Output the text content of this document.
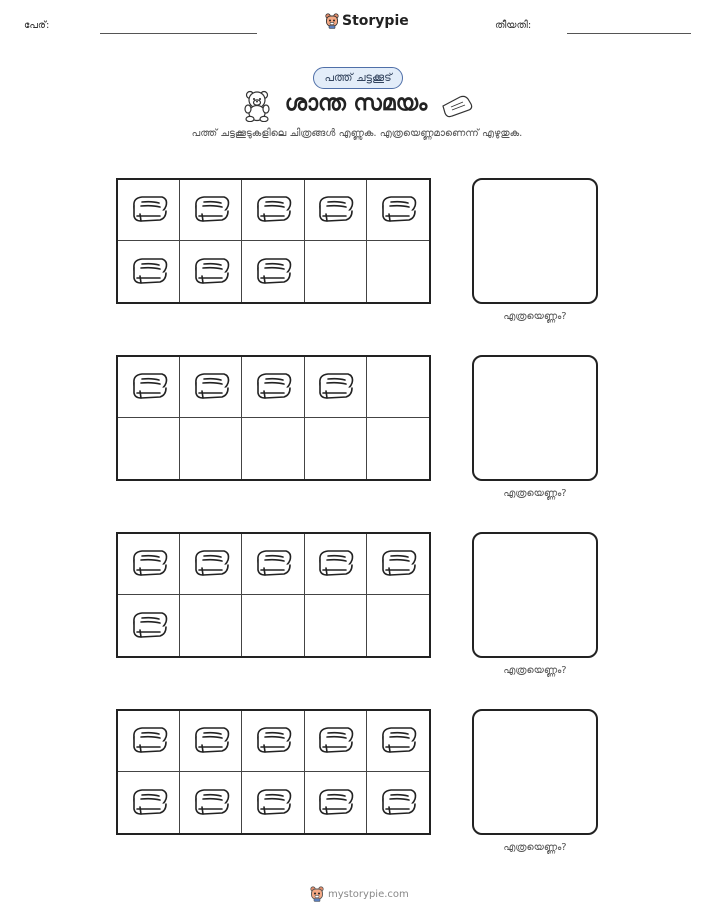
പേര്:	Storypie	തീയതി:
പത്ത് ചട്ടക്കൂട്
ശാന്ത സമയം
പത്ത് ചട്ടക്കൂടുകളിലെ ചിത്രങ്ങൾ എണ്ണുക. എത്രയെണ്ണമാണെന്ന് എഴുതുക.
എത്രയെണ്ണം?
എത്രയെണ്ണം?
എത്രയെണ്ണം?
എത്രയെണ്ണം?
mystorypie.com
